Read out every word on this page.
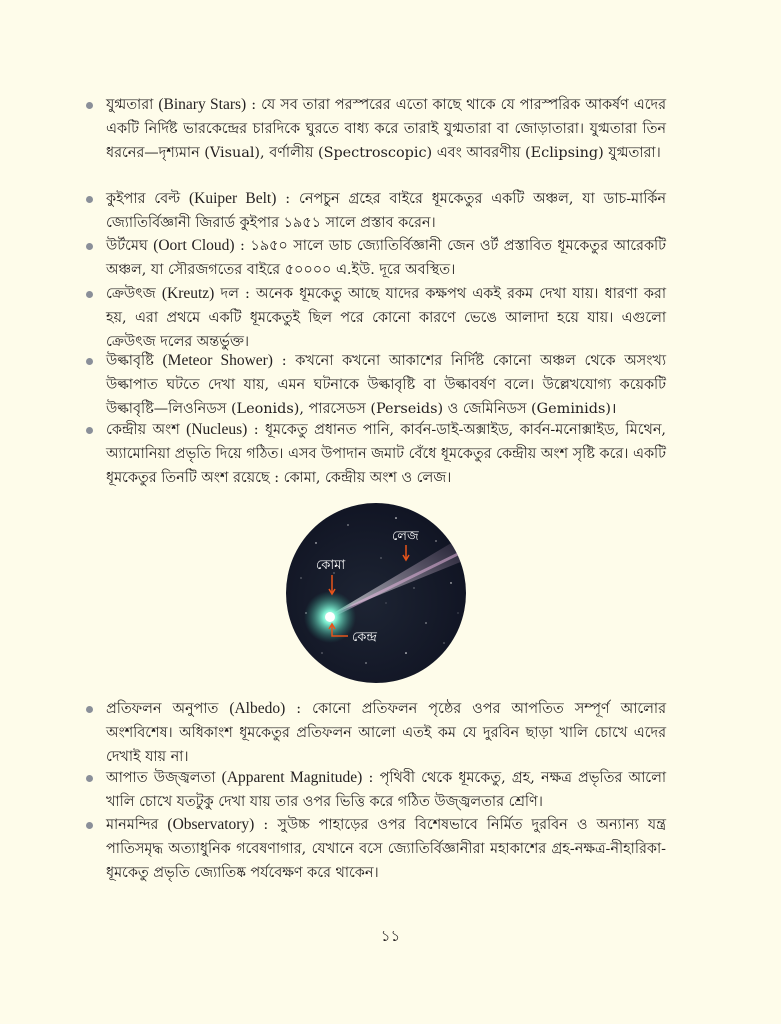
যুগ্মতারা (Binary Stars) : যে সব তারা পরস্পরের এতো কাছে থাকে যে পারস্পরিক আকর্ষণ এদের একটি নির্দিষ্ট ভারকেন্দ্রের চারদিকে ঘুরতে বাধ্য করে তারাই যুগ্মতারা বা জোড়াতারা। যুগ্মতারা তিন ধরনের—দৃশ্যমান (Visual), বর্ণালীয় (Spectroscopic) এবং আবরণীয় (Eclipsing) যুগ্মতারা।
কুইপার বেল্ট (Kuiper Belt) : নেপচুন গ্রহের বাইরে ধূমকেতুর একটি অঞ্চল, যা ডাচ-মার্কিন জ্যোতির্বিজ্ঞানী জিরার্ড কুইপার ১৯৫১ সালে প্রস্তাব করেন।
উর্টমেঘ (Oort Cloud) : ১৯৫০ সালে ডাচ জ্যোতির্বিজ্ঞানী জেন ওর্ট প্রস্তাবিত ধূমকেতুর আরেকটি অঞ্চল, যা সৌরজগতের বাইরে ৫০০০০ এ.ইউ. দূরে অবস্থিত।
ক্রেউৎজ (Kreutz) দল : অনেক ধূমকেতু আছে যাদের কক্ষপথ একই রকম দেখা যায়। ধারণা করা হয়, এরা প্রথমে একটি ধূমকেতুই ছিল পরে কোনো কারণে ভেঙে আলাদা হয়ে যায়। এগুলো ক্রেউৎজ দলের অন্তর্ভুক্ত।
উল্কাবৃষ্টি (Meteor Shower) : কখনো কখনো আকাশের নির্দিষ্ট কোনো অঞ্চল থেকে অসংখ্য উল্কাপাত ঘটতে দেখা যায়, এমন ঘটনাকে উল্কাবৃষ্টি বা উল্কাবর্ষণ বলে। উল্লেখযোগ্য কয়েকটি উল্কাবৃষ্টি—লিওনিডস (Leonids), পারসেডস (Perseids) ও জেমিনিডস (Geminids)।
কেন্দ্রীয় অংশ (Nucleus) : ধূমকেতু প্রধানত পানি, কার্বন-ডাই-অক্সাইড, কার্বন-মনোক্সাইড, মিথেন, অ্যামোনিয়া প্রভৃতি দিয়ে গঠিত। এসব উপাদান জমাট বেঁধে ধূমকেতুর কেন্দ্রীয় অংশ সৃষ্টি করে। একটি ধূমকেতুর তিনটি অংশ রয়েছে : কোমা, কেন্দ্রীয় অংশ ও লেজ।
প্রতিফলন অনুপাত (Albedo) : কোনো প্রতিফলন পৃষ্ঠের ওপর আপতিত সম্পূর্ণ আলোর অংশবিশেষ। অধিকাংশ ধূমকেতুর প্রতিফলন আলো এতই কম যে দুরবিন ছাড়া খালি চোখে এদের দেখাই যায় না।
আপাত উজ্জ্বলতা (Apparent Magnitude) : পৃথিবী থেকে ধূমকেতু, গ্রহ, নক্ষত্র প্রভৃতির আলো খালি চোখে যতটুকু দেখা যায় তার ওপর ভিত্তি করে গঠিত উজ্জ্বলতার শ্রেণি।
মানমন্দির (Observatory) : সুউচ্চ পাহাড়ের ওপর বিশেষভাবে নির্মিত দুরবিন ও অন্যান্য যন্ত্র পাতিসমৃদ্ধ অত্যাধুনিক গবেষণাগার, যেখানে বসে জ্যোতির্বিজ্ঞানীরা মহাকাশের গ্রহ-নক্ষত্র-নীহারিকা-ধূমকেতু প্রভৃতি জ্যোতিষ্ক পর্যবেক্ষণ করে থাকেন।
লেজ
কোমা
কেন্দ্র
১১
